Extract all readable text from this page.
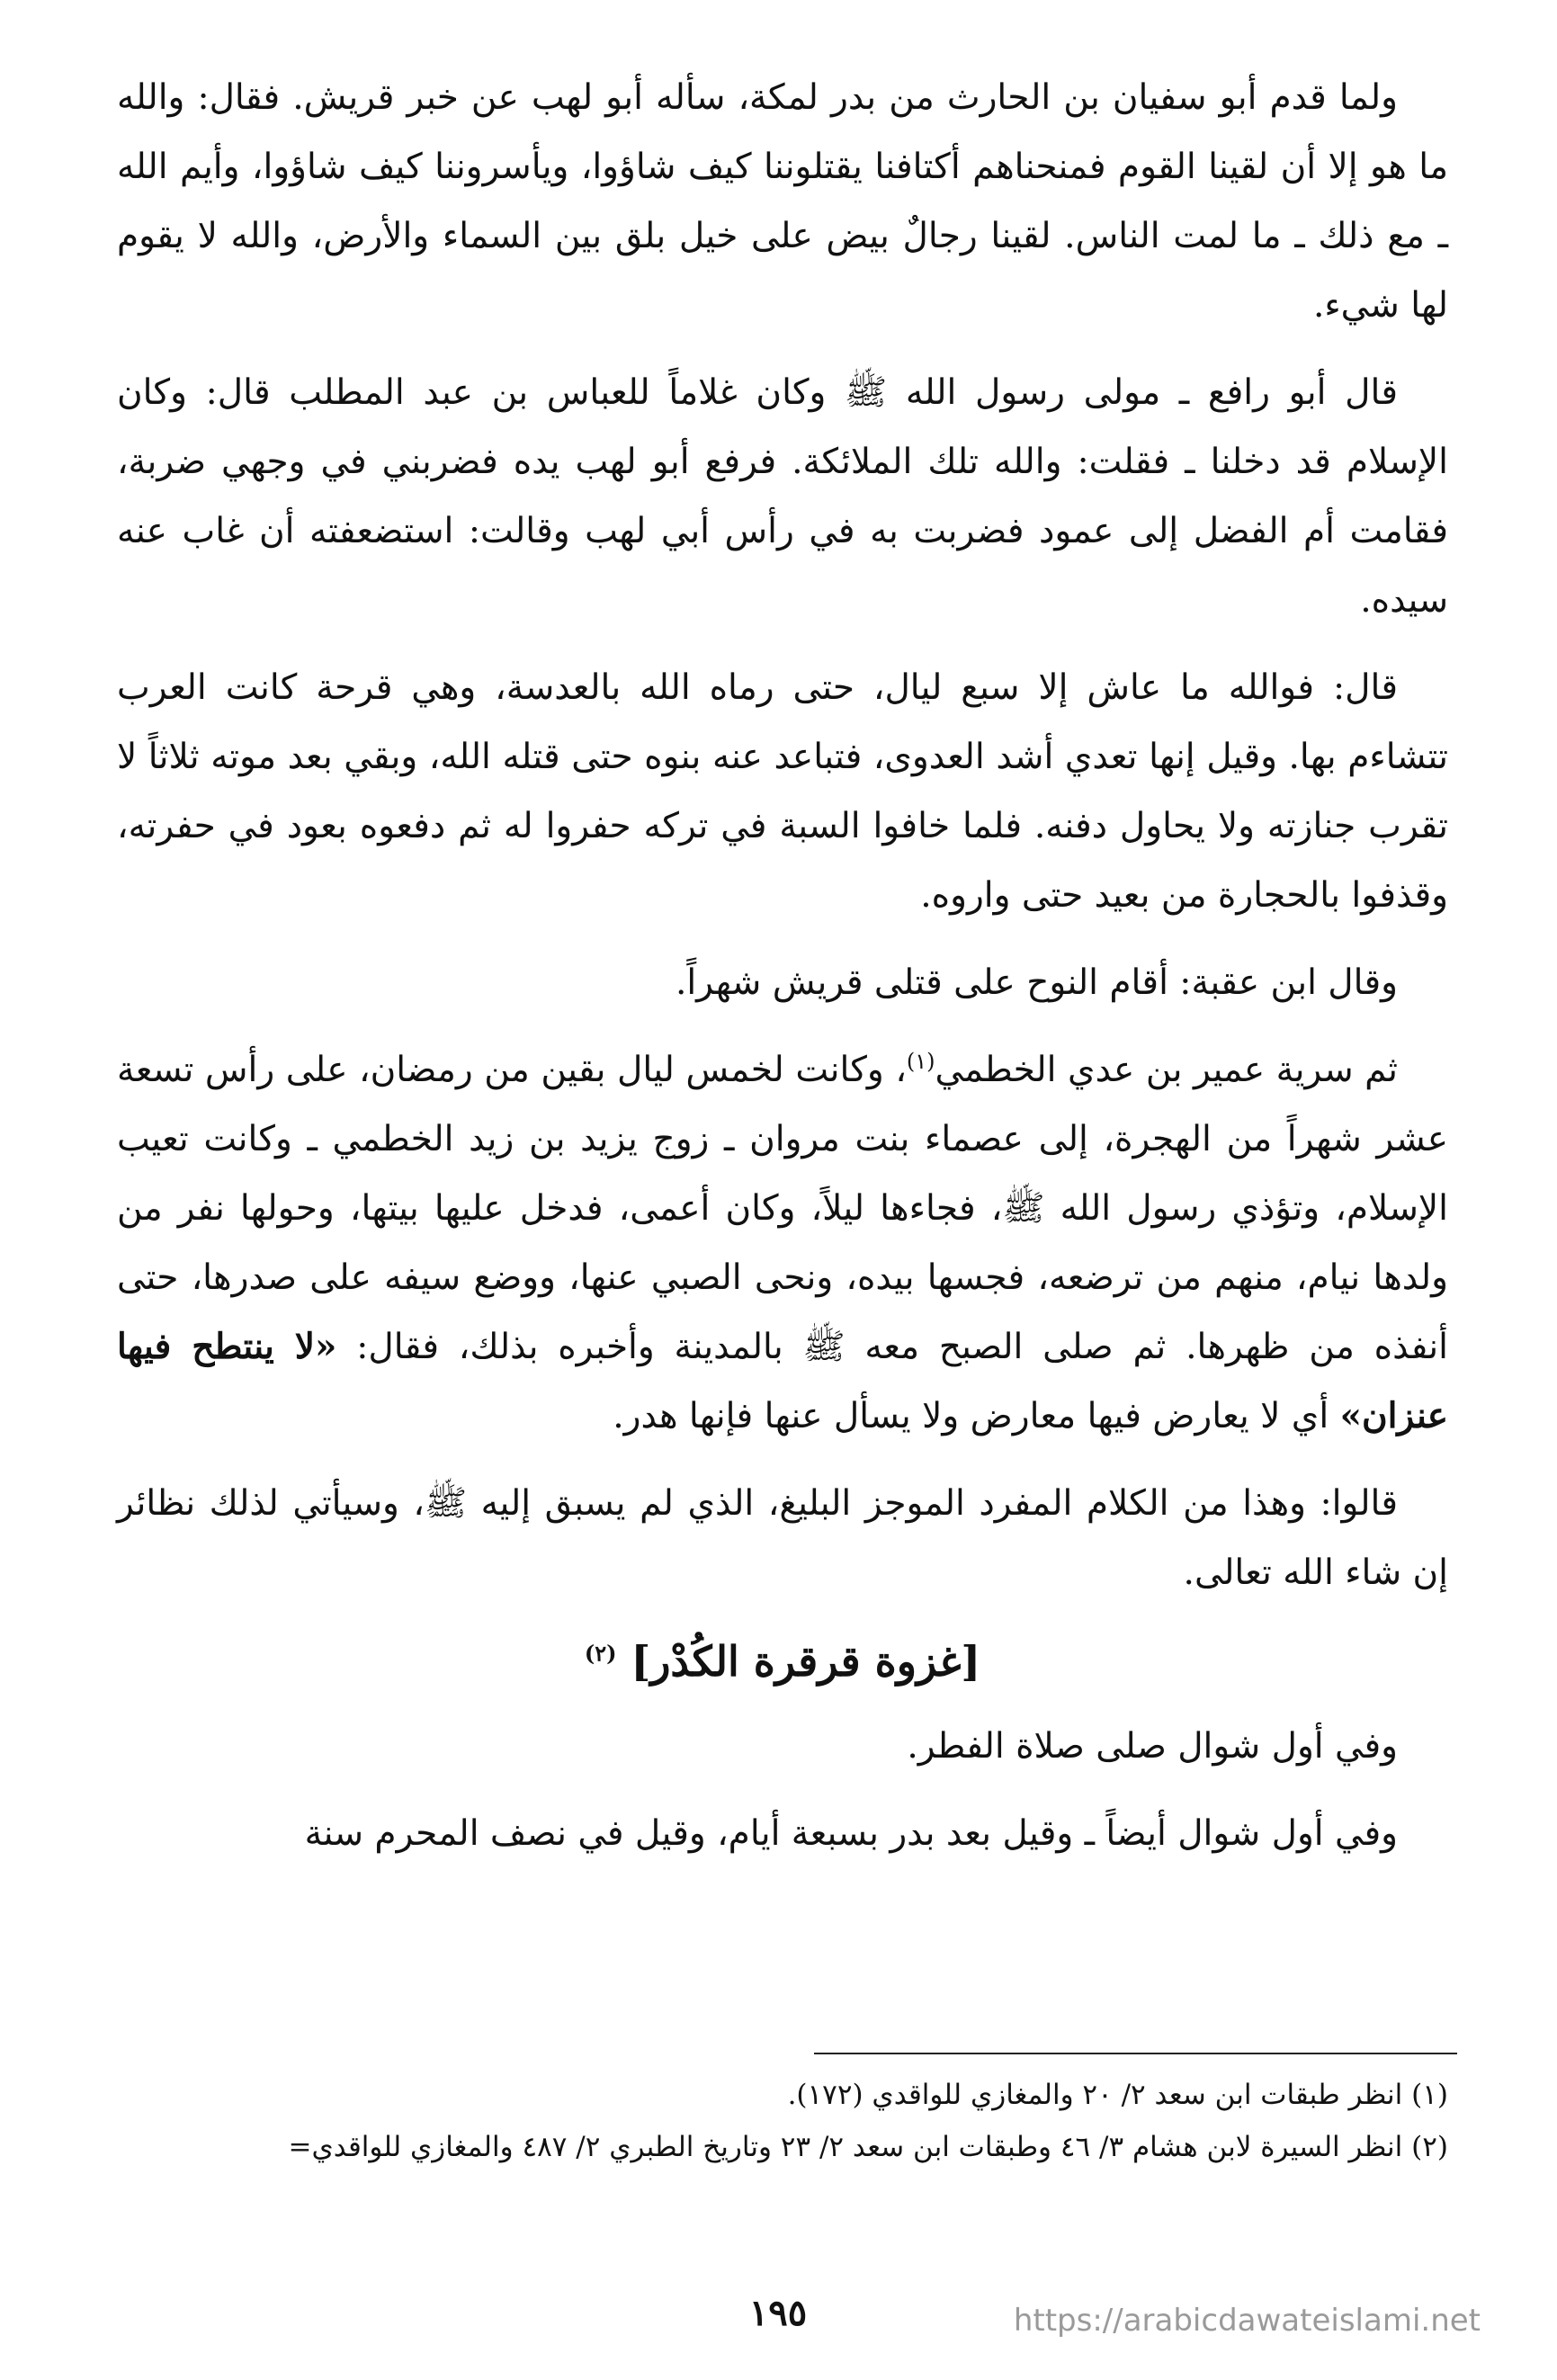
ولما قدم أبو سفيان بن الحارث من بدر لمكة، سأله أبو لهب عن خبر قريش. فقال: والله ما هو إلا أن لقينا القوم فمنحناهم أكتافنا يقتلوننا كيف شاؤوا، ويأسروننا كيف شاؤوا، وأيم الله ـ مع ذلك ـ ما لمت الناس. لقينا رجالٌ بيض على خيل بلق بين السماء والأرض، والله لا يقوم لها شيء.

قال أبو رافع ـ مولى رسول الله ﷺ وكان غلاماً للعباس بن عبد المطلب قال: وكان الإسلام قد دخلنا ـ فقلت: والله تلك الملائكة. فرفع أبو لهب يده فضربني في وجهي ضربة، فقامت أم الفضل إلى عمود فضربت به في رأس أبي لهب وقالت: استضعفته أن غاب عنه سيده.

قال: فوالله ما عاش إلا سبع ليال، حتى رماه الله بالعدسة، وهي قرحة كانت العرب تتشاءم بها. وقيل إنها تعدي أشد العدوى، فتباعد عنه بنوه حتى قتله الله، وبقي بعد موته ثلاثاً لا تقرب جنازته ولا يحاول دفنه. فلما خافوا السبة في تركه حفروا له ثم دفعوه بعود في حفرته، وقذفوا بالحجارة من بعيد حتى واروه.

وقال ابن عقبة: أقام النوح على قتلى قريش شهراً.

ثم سرية عمير بن عدي الخطمي$^{(١)}$، وكانت لخمس ليال بقين من رمضان، على رأس تسعة عشر شهراً من الهجرة، إلى عصماء بنت مروان ـ زوج يزيد بن زيد الخطمي ـ وكانت تعيب الإسلام، وتؤذي رسول الله ﷺ، فجاءها ليلاً، وكان أعمى، فدخل عليها بيتها، وحولها نفر من ولدها نيام، منهم من ترضعه، فجسها بيده، ونحى الصبي عنها، ووضع سيفه على صدرها، حتى أنفذه من ظهرها. ثم صلى الصبح معه ﷺ بالمدينة وأخبره بذلك، فقال: «لا ينتطح فيها عنزان» أي لا يعارض فيها معارض ولا يسأل عنها فإنها هدر.

قالوا: وهذا من الكلام المفرد الموجز البليغ، الذي لم يسبق إليه ﷺ، وسيأتي لذلك نظائر إن شاء الله تعالى.

[غزوة قرقرة الكُدْر] $^{(٢)}$

وفي أول شوال صلى صلاة الفطر.

وفي أول شوال أيضاً ـ وقيل بعد بدر بسبعة أيام، وقيل في نصف المحرم سنة

(١) انظر طبقات ابن سعد ٢/ ٢٠ والمغازي للواقدي (١٧٢).

(٢) انظر السيرة لابن هشام ٣/ ٤٦ وطبقات ابن سعد ٢/ ٢٣ وتاريخ الطبري ٢/ ٤٨٧ والمغازي للواقدي=

١٩٥	https://arabicdawateislami.net
